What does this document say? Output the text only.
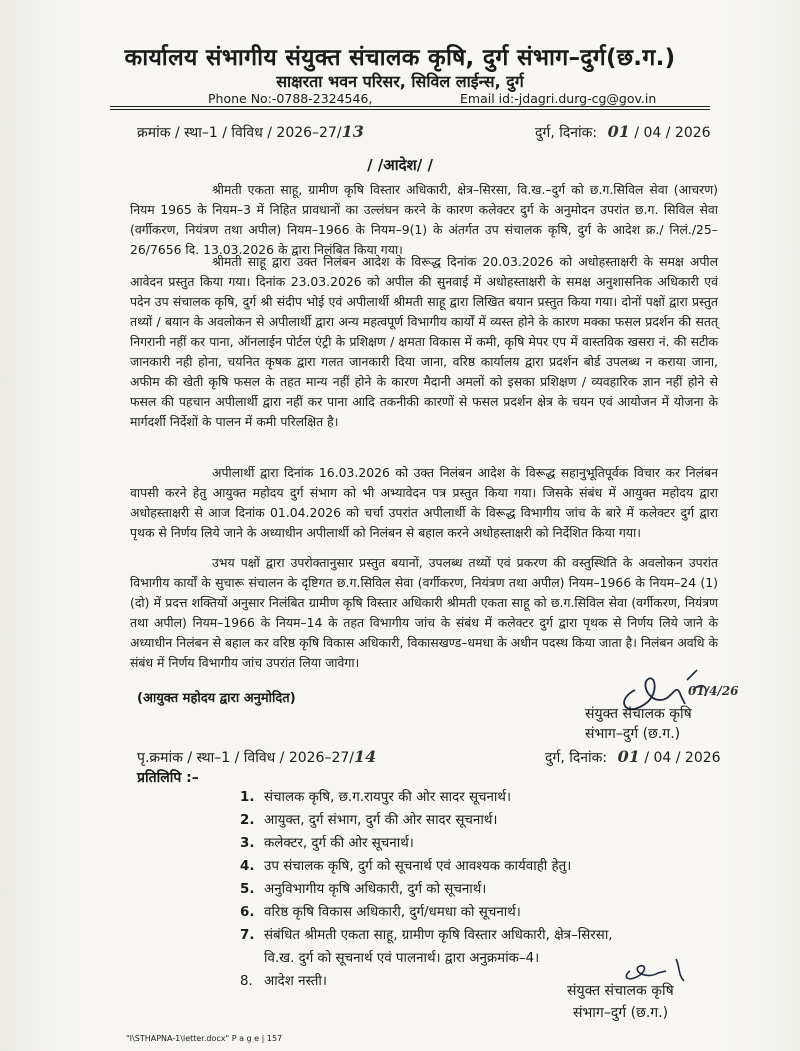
कार्यालय संभागीय संयुक्त संचालक कृषि, दुर्ग संभाग–दुर्ग(छ.ग.)
साक्षरता भवन परिसर, सिविल लाईन्स, दुर्ग
Phone No:-0788-2324546,	Email id:-jdagri.durg-cg@gov.in
क्रमांक / स्था–1 / विविध / 2026–27/13	दुर्ग, दिनांक: 01 / 04 / 2026
/ /आदेश/ /
श्रीमती एकता साहू, ग्रामीण कृषि विस्तार अधिकारी, क्षेत्र–सिरसा, वि.ख.–दुर्ग को छ.ग.सिविल सेवा (आचरण) नियम 1965 के नियम–3 में निहित प्रावधानों का उल्लंघन करने के कारण कलेक्टर दुर्ग के अनुमोदन उपरांत छ.ग. सिविल सेवा (वर्गीकरण, नियंत्रण तथा अपील) नियम–1966 के नियम–9(1) के अंतर्गत उप संचालक कृषि, दुर्ग के आदेश क्र./ निलं./25–26/7656 दि. 13.03.2026 के द्वारा निलंबित किया गया।
श्रीमती साहू द्वारा उक्त निलंबन आदेश के विरूद्ध दिनांक 20.03.2026 को अधोहस्ताक्षरी के समक्ष अपील आवेदन प्रस्तुत किया गया। दिनांक 23.03.2026 को अपील की सुनवाई में अधोहस्ताक्षरी के समक्ष अनुशासनिक अधिकारी एवं पदेन उप संचालक कृषि, दुर्ग श्री संदीप भोई एवं अपीलार्थी श्रीमती साहू द्वारा लिखित बयान प्रस्तुत किया गया। दोनों पक्षों द्वारा प्रस्तुत तथ्यों / बयान के अवलोकन से अपीलार्थी द्वारा अन्य महत्वपूर्ण विभागीय कार्यों में व्यस्त होने के कारण मक्का फसल प्रदर्शन की सतत् निगरानी नहीं कर पाना, ऑनलाईन पोर्टल एंट्री के प्रशिक्षण / क्षमता विकास में कमी, कृषि मेपर एप में वास्तविक खसरा नं. की सटीक जानकारी नही होना, चयनित कृषक द्वारा गलत जानकारी दिया जाना, वरिष्ठ कार्यालय द्वारा प्रदर्शन बोर्ड उपलब्ध न कराया जाना, अफीम की खेती कृषि फसल के तहत मान्य नहीं होने के कारण मैदानी अमलों को इसका प्रशिक्षण / व्यवहारिक ज्ञान नहीं होने से फसल की पहचान अपीलार्थी द्वारा नहीं कर पाना आदि तकनीकी कारणों से फसल प्रदर्शन क्षेत्र के चयन एवं आयोजन में योजना के मार्गदर्शी निर्देशों के पालन में कमी परिलक्षित है।
अपीलार्थी द्वारा दिनांक 16.03.2026 को उक्त निलंबन आदेश के विरूद्ध सहानुभूतिपूर्वक विचार कर निलंबन वापसी करने हेतु आयुक्त महोदय दुर्ग संभाग को भी अभ्यावेदन पत्र प्रस्तुत किया गया। जिसके संबंध में आयुक्त महोदय द्वारा अधोहस्ताक्षरी से आज दिनांक 01.04.2026 को चर्चा उपरांत अपीलार्थी के विरूद्ध विभागीय जांच के बारे में कलेक्टर दुर्ग द्वारा पृथक से निर्णय लिये जाने के अध्याधीन अपीलार्थी को निलंबन से बहाल करने अधोहस्ताक्षरी को निर्देशित किया गया।
उभय पक्षों द्वारा उपरोक्तानुसार प्रस्तुत बयानों, उपलब्ध तथ्यों एवं प्रकरण की वस्तुस्थिति के अवलोकन उपरांत विभागीय कार्यों के सुचारू संचालन के दृष्टिगत छ.ग.सिविल सेवा (वर्गीकरण, नियंत्रण तथा अपील) नियम–1966 के नियम–24 (1) (दो) में प्रदत्त शक्तियों अनुसार निलंबित ग्रामीण कृषि विस्तार अधिकारी श्रीमती एकता साहू को छ.ग.सिविल सेवा (वर्गीकरण, नियंत्रण तथा अपील) नियम–1966 के नियम–14 के तहत विभागीय जांच के संबंध में कलेक्टर दुर्ग द्वारा पृथक से निर्णय लिये जाने के अध्याधीन निलंबन से बहाल कर वरिष्ठ कृषि विकास अधिकारी, विकासखण्ड–धमधा के अधीन पदस्थ किया जाता है। निलंबन अवधि के संबंध में निर्णय विभागीय जांच उपरांत लिया जावेगा।
(आयुक्त महोदय द्वारा अनुमोदित)	01/4/26
संयुक्त संचालक कृषि
संभाग–दुर्ग (छ.ग.)
पृ.क्रमांक / स्था–1 / विविध / 2026–27/14	दुर्ग, दिनांक: 01 / 04 / 2026
प्रतिलिपि :–
1. संचालक कृषि, छ.ग.रायपुर की ओर सादर सूचनार्थ।
2. आयुक्त, दुर्ग संभाग, दुर्ग की ओर सादर सूचनार्थ।
3. कलेक्टर, दुर्ग की ओर सूचनार्थ।
4. उप संचालक कृषि, दुर्ग को सूचनार्थ एवं आवश्यक कार्यवाही हेतु।
5. अनुविभागीय कृषि अधिकारी, दुर्ग को सूचनार्थ।
6. वरिष्ठ कृषि विकास अधिकारी, दुर्ग/धमधा को सूचनार्थ।
7. संबंधित श्रीमती एकता साहू, ग्रामीण कृषि विस्तार अधिकारी, क्षेत्र–सिरसा,
वि.ख. दुर्ग को सूचनार्थ एवं पालनार्थ। द्वारा अनुक्रमांक–4।
8. आदेश नस्ती।
संयुक्त संचालक कृषि
संभाग–दुर्ग (छ.ग.)
"I\STHAPNA-1\letter.docx" P a g e | 157
